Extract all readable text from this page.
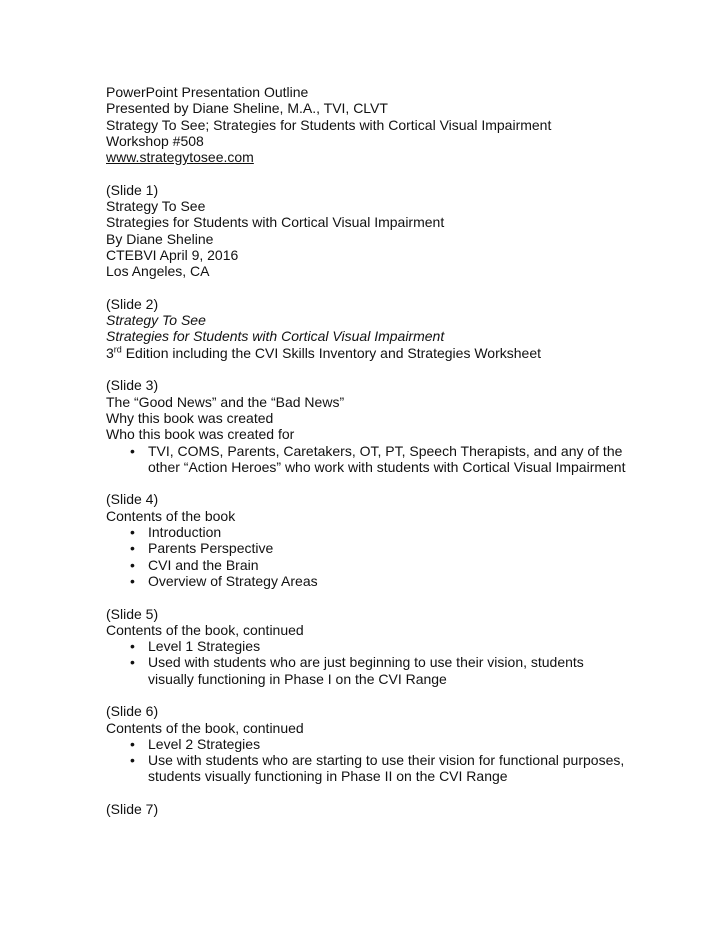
PowerPoint Presentation Outline
Presented by Diane Sheline, M.A., TVI, CLVT
Strategy To See; Strategies for Students with Cortical Visual Impairment
Workshop #508
www.strategytosee.com
(Slide 1)
Strategy To See
Strategies for Students with Cortical Visual Impairment
By Diane Sheline
CTEBVI April 9, 2016
Los Angeles, CA
(Slide 2)
Strategy To See
Strategies for Students with Cortical Visual Impairment
3rd Edition including the CVI Skills Inventory and Strategies Worksheet
(Slide 3)
The “Good News” and the “Bad News”
Why this book was created
Who this book was created for
• TVI, COMS, Parents, Caretakers, OT, PT, Speech Therapists, and any of the other “Action Heroes” who work with students with Cortical Visual Impairment
(Slide 4)
Contents of the book
• Introduction
• Parents Perspective
• CVI and the Brain
• Overview of Strategy Areas
(Slide 5)
Contents of the book, continued
• Level 1 Strategies
• Used with students who are just beginning to use their vision, students visually functioning in Phase I on the CVI Range
(Slide 6)
Contents of the book, continued
• Level 2 Strategies
• Use with students who are starting to use their vision for functional purposes, students visually functioning in Phase II on the CVI Range
(Slide 7)
